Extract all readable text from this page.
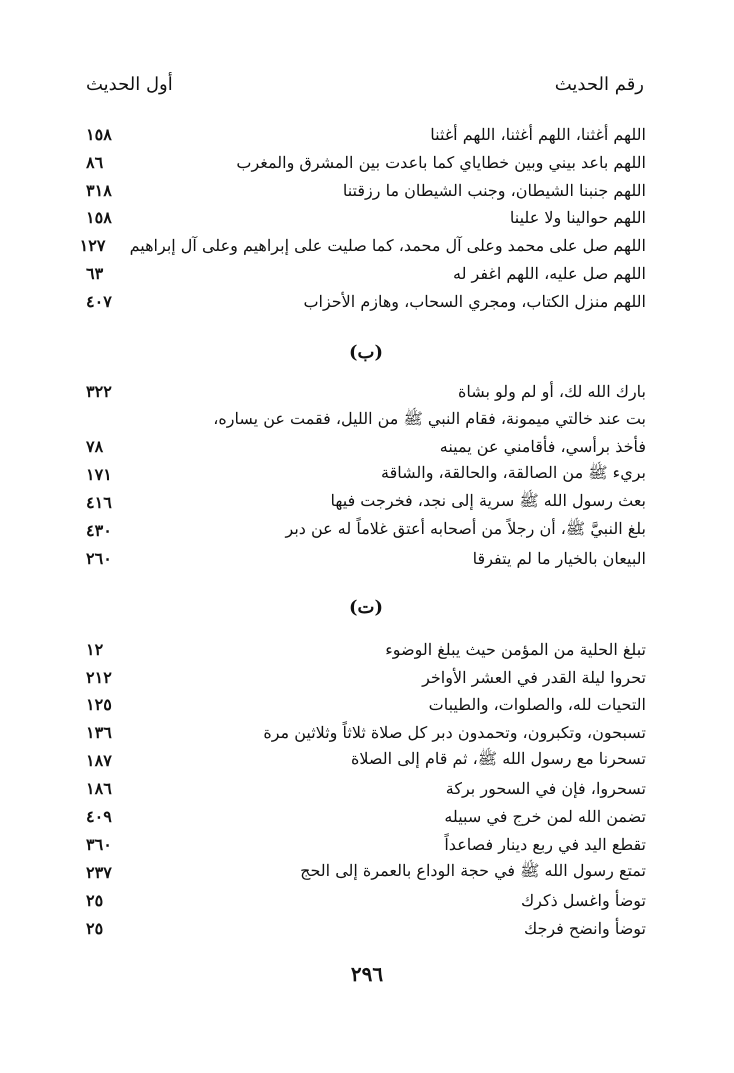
أول الحديث	رقم الحديث
اللهم أغثنا، اللهم أغثنا، اللهم أغثنا
١٥٨
اللهم باعد بيني وبين خطاياي كما باعدت بين المشرق والمغرب
٨٦
اللهم جنبنا الشيطان، وجنب الشيطان ما رزقتنا
٣١٨
اللهم حوالينا ولا علينا
١٥٨
اللهم صل على محمد وعلى آل محمد، كما صليت على إبراهيم وعلى آل إبراهيم
١٢٧
اللهم صل عليه، اللهم اغفر له
٦٣
اللهم منزل الكتاب، ومجري السحاب، وهازم الأحزاب
٤٠٧
(ب)
بارك الله لك، أو لم ولو بشاة
٣٢٢
بت عند خالتي ميمونة، فقام النبي ﷺ من الليل، فقمت عن يساره،
فأخذ برأسي، فأقامني عن يمينه
٧٨
بريء ﷺ من الصالقة، والحالقة، والشاقة
١٧١
بعث رسول الله ﷺ سرية إلى نجد، فخرجت فيها
٤١٦
بلغ النبيَّ ﷺ، أن رجلاً من أصحابه أعتق غلاماً له عن دبر
٤٣٠
البيعان بالخيار ما لم يتفرقا
٢٦٠
(ت)
تبلغ الحلية من المؤمن حيث يبلغ الوضوء
١٢
تحروا ليلة القدر في العشر الأواخر
٢١٢
التحيات لله، والصلوات، والطيبات
١٢٥
تسبحون، وتكبرون، وتحمدون دبر كل صلاة ثلاثاً وثلاثين مرة
١٣٦
تسحرنا مع رسول الله ﷺ، ثم قام إلى الصلاة
١٨٧
تسحروا، فإن في السحور بركة
١٨٦
تضمن الله لمن خرج في سبيله
٤٠٩
تقطع اليد في ربع دينار فصاعداً
٣٦٠
تمتع رسول الله ﷺ في حجة الوداع بالعمرة إلى الحج
٢٣٧
توضأ واغسل ذكرك
٢٥
توضأ وانضح فرجك
٢٥
٢٩٦
